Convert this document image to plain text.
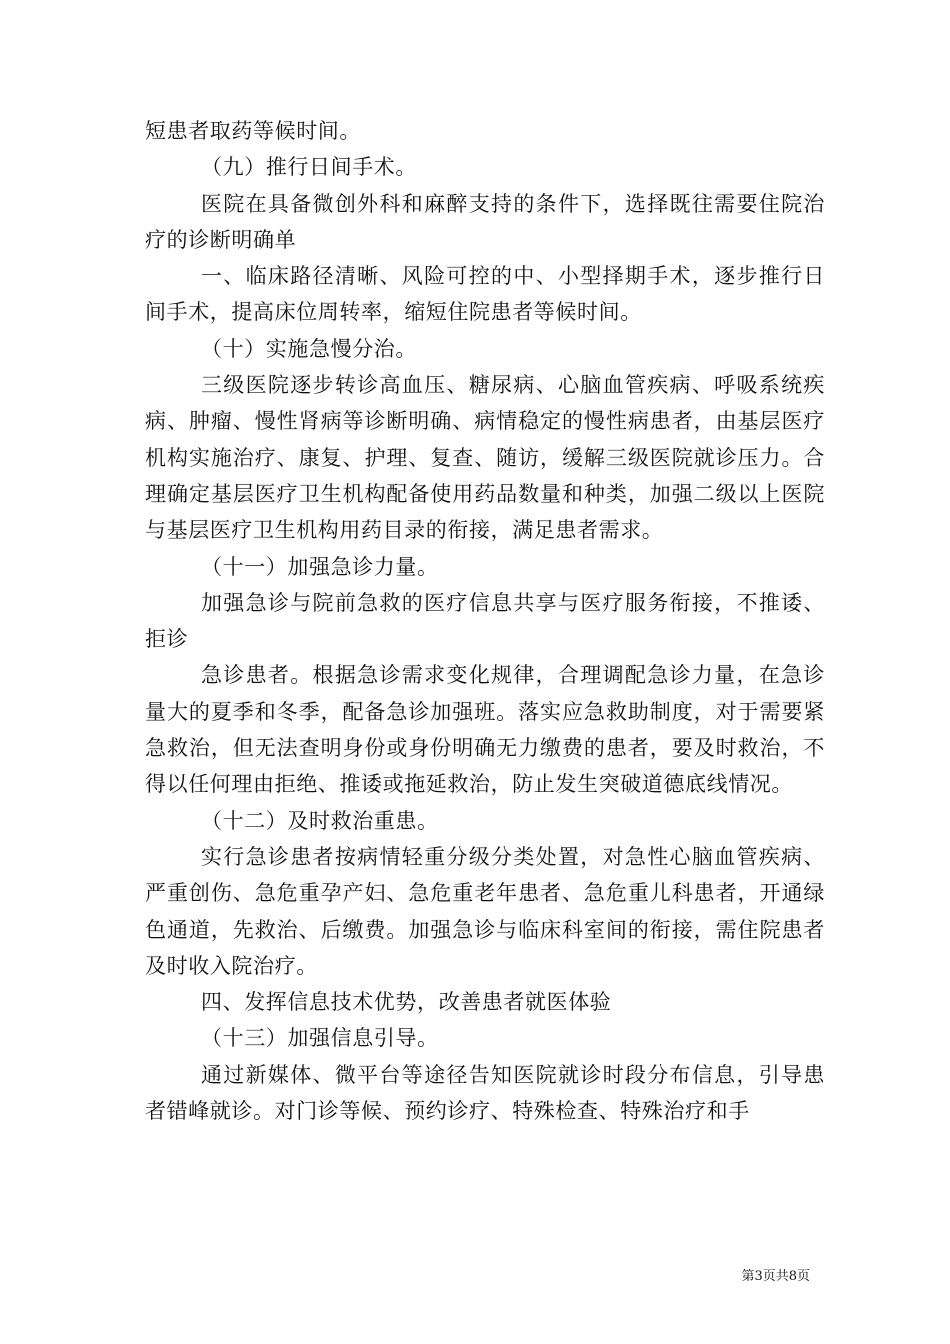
短患者取药等候时间。

（九）推行日间手术。

医院在具备微创外科和麻醉支持的条件下，选择既往需要住院治疗的诊断明确单

一、临床路径清晰、风险可控的中、小型择期手术，逐步推行日间手术，提高床位周转率，缩短住院患者等候时间。

（十）实施急慢分治。

三级医院逐步转诊高血压、糖尿病、心脑血管疾病、呼吸系统疾病、肿瘤、慢性肾病等诊断明确、病情稳定的慢性病患者，由基层医疗机构实施治疗、康复、护理、复查、随访，缓解三级医院就诊压力。合理确定基层医疗卫生机构配备使用药品数量和种类，加强二级以上医院与基层医疗卫生机构用药目录的衔接，满足患者需求。

（十一）加强急诊力量。

加强急诊与院前急救的医疗信息共享与医疗服务衔接，不推诿、拒诊

急诊患者。根据急诊需求变化规律，合理调配急诊力量，在急诊量大的夏季和冬季，配备急诊加强班。落实应急救助制度，对于需要紧急救治，但无法查明身份或身份明确无力缴费的患者，要及时救治，不得以任何理由拒绝、推诿或拖延救治，防止发生突破道德底线情况。

（十二）及时救治重患。

实行急诊患者按病情轻重分级分类处置，对急性心脑血管疾病、严重创伤、急危重孕产妇、急危重老年患者、急危重儿科患者，开通绿色通道，先救治、后缴费。加强急诊与临床科室间的衔接，需住院患者及时收入院治疗。

四、发挥信息技术优势，改善患者就医体验

（十三）加强信息引导。

通过新媒体、微平台等途径告知医院就诊时段分布信息，引导患者错峰就诊。对门诊等候、预约诊疗、特殊检查、特殊治疗和手

第3页共8页
